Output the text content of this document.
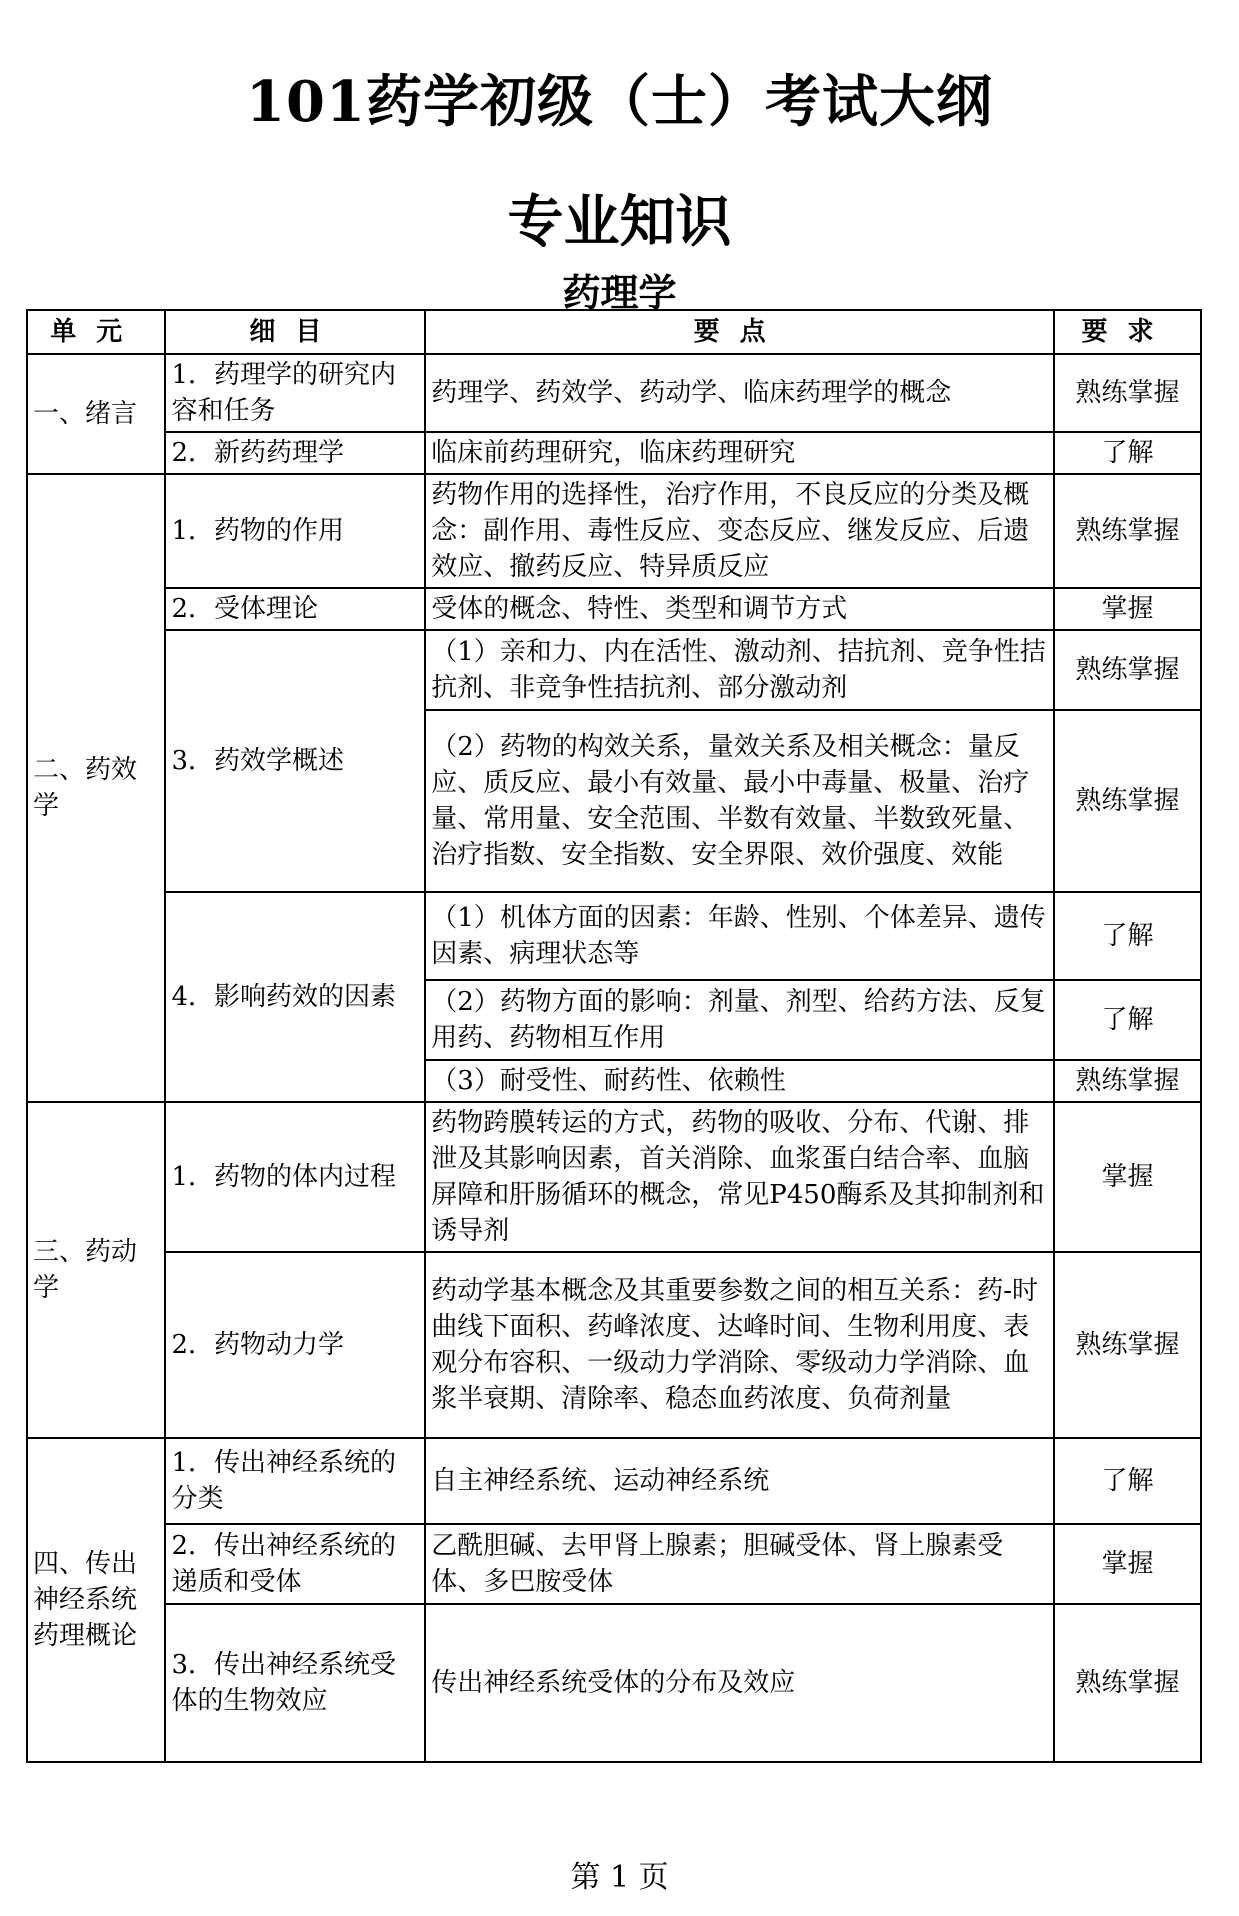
101药学初级（士）考试大纲
专业知识
药理学
单元	细目	要点	要求
一、绪言	1．药理学的研究内容和任务	药理学、药效学、药动学、临床药理学的概念	熟练掌握
	2．新药药理学	临床前药理研究，临床药理研究	了解
二、药效学	1．药物的作用	药物作用的选择性，治疗作用，不良反应的分类及概念：副作用、毒性反应、变态反应、继发反应、后遗效应、撤药反应、特异质反应	熟练掌握
	2．受体理论	受体的概念、特性、类型和调节方式	掌握
	3．药效学概述	（1）亲和力、内在活性、激动剂、拮抗剂、竞争性拮抗剂、非竞争性拮抗剂、部分激动剂	熟练掌握
		（2）药物的构效关系，量效关系及相关概念：量反应、质反应、最小有效量、最小中毒量、极量、治疗量、常用量、安全范围、半数有效量、半数致死量、治疗指数、安全指数、安全界限、效价强度、效能	熟练掌握
	4．影响药效的因素	（1）机体方面的因素：年龄、性别、个体差异、遗传因素、病理状态等	了解
		（2）药物方面的影响：剂量、剂型、给药方法、反复用药、药物相互作用	了解
		（3）耐受性、耐药性、依赖性	熟练掌握
三、药动学	1．药物的体内过程	药物跨膜转运的方式，药物的吸收、分布、代谢、排泄及其影响因素，首关消除、血浆蛋白结合率、血脑屏障和肝肠循环的概念，常见P450酶系及其抑制剂和诱导剂	掌握
	2．药物动力学	药动学基本概念及其重要参数之间的相互关系：药-时曲线下面积、药峰浓度、达峰时间、生物利用度、表观分布容积、一级动力学消除、零级动力学消除、血浆半衰期、清除率、稳态血药浓度、负荷剂量	熟练掌握
四、传出神经系统药理概论	1．传出神经系统的分类	自主神经系统、运动神经系统	了解
	2．传出神经系统的递质和受体	乙酰胆碱、去甲肾上腺素；胆碱受体、肾上腺素受体、多巴胺受体	掌握
	3．传出神经系统受体的生物效应	传出神经系统受体的分布及效应	熟练掌握
第 1 页
